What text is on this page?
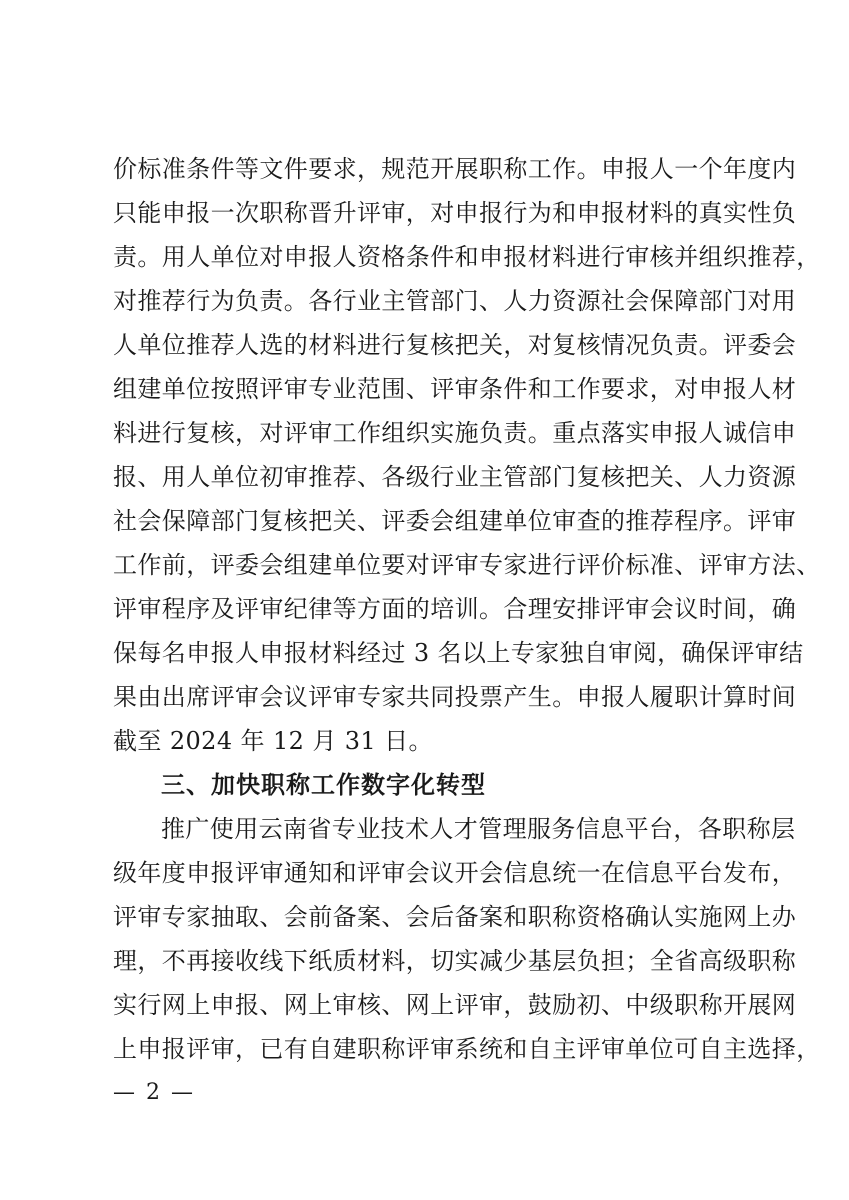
价标准条件等文件要求，规范开展职称工作。申报人一个年度内
只能申报一次职称晋升评审，对申报行为和申报材料的真实性负
责。用人单位对申报人资格条件和申报材料进行审核并组织推荐，
对推荐行为负责。各行业主管部门、人力资源社会保障部门对用
人单位推荐人选的材料进行复核把关，对复核情况负责。评委会
组建单位按照评审专业范围、评审条件和工作要求，对申报人材
料进行复核，对评审工作组织实施负责。重点落实申报人诚信申
报、用人单位初审推荐、各级行业主管部门复核把关、人力资源
社会保障部门复核把关、评委会组建单位审查的推荐程序。评审
工作前，评委会组建单位要对评审专家进行评价标准、评审方法、
评审程序及评审纪律等方面的培训。合理安排评审会议时间，确
保每名申报人申报材料经过 3 名以上专家独自审阅，确保评审结
果由出席评审会议评审专家共同投票产生。申报人履职计算时间
截至 2024 年 12 月 31 日。
三、加快职称工作数字化转型
推广使用云南省专业技术人才管理服务信息平台，各职称层
级年度申报评审通知和评审会议开会信息统一在信息平台发布，
评审专家抽取、会前备案、会后备案和职称资格确认实施网上办
理，不再接收线下纸质材料，切实减少基层负担；全省高级职称
实行网上申报、网上审核、网上评审，鼓励初、中级职称开展网
上申报评审，已有自建职称评审系统和自主评审单位可自主选择，
— 2 —
